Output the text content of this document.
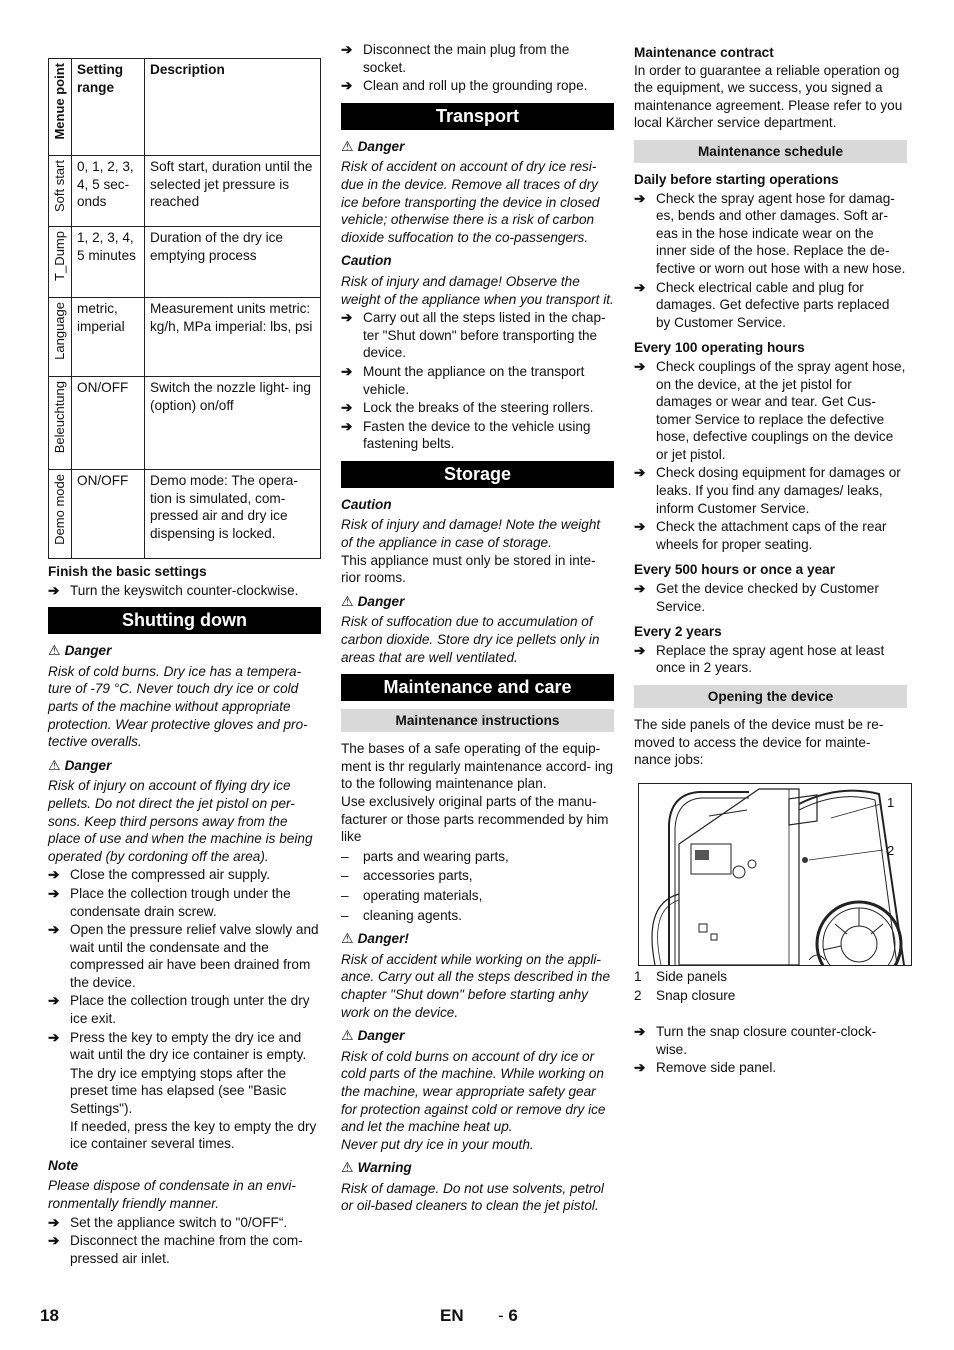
Menue point	Setting range	Description
Soft start	0, 1, 2, 3, 4, 5 sec- onds	Soft start, duration until the selected jet pressure is reached
T_Dump	1, 2, 3, 4, 5 minutes	Duration of the dry ice emptying process
Language	metric, imperial	Measurement units metric: kg/h, MPa imperial: lbs, psi
Beleuchtung	ON/OFF	Switch the nozzle light- ing (option) on/off
Demo mode	ON/OFF	Demo mode: The opera- tion is simulated, com- pressed air and dry ice dispensing is locked.

Finish the basic settings

➔ Turn the keyswitch counter-clockwise.
Shutting down

⚠ Danger

Risk of cold burns. Dry ice has a tempera- ture of -79 °C. Never touch dry ice or cold parts of the machine without appropriate protection. Wear protective gloves and pro- tective overalls.

⚠ Danger

Risk of injury on account of flying dry ice pellets. Do not direct the jet pistol on per- sons. Keep third persons away from the place of use and when the machine is being operated (by cordoning off the area).

➔ Close the compressed air supply.
➔ Place the collection trough under the condensate drain screw.
➔ Open the pressure relief valve slowly and wait until the condensate and the compressed air have been drained from the device.
➔ Place the collection trough unter the dry ice exit.
➔ Press the key to empty the dry ice and wait until the dry ice container is empty.

The dry ice emptying stops after the preset time has elapsed (see "Basic Settings").

If needed, press the key to empty the dry ice container several times.

Note

Please dispose of condensate in an envi- ronmentally friendly manner.

➔ Set the appliance switch to "0/OFF“.
➔ Disconnect the machine from the com- pressed air inlet.
➔ Disconnect the main plug from the socket.
➔ Clean and roll up the grounding rope.
Transport

⚠ Danger

Risk of accident on account of dry ice resi- due in the device. Remove all traces of dry ice before transporting the device in closed vehicle; otherwise there is a risk of carbon dioxide suffocation to the co-passengers.

Caution

Risk of injury and damage! Observe the weight of the appliance when you transport it.

➔ Carry out all the steps listed in the chap- ter "Shut down" before transporting the device.
➔ Mount the appliance on the transport vehicle.
➔ Lock the breaks of the steering rollers.
➔ Fasten the device to the vehicle using fastening belts.
Storage

Caution

Risk of injury and damage! Note the weight of the appliance in case of storage.

This appliance must only be stored in inte- rior rooms.

⚠ Danger

Risk of suffocation due to accumulation of carbon dioxide. Store dry ice pellets only in areas that are well ventilated.

Maintenance and care
Maintenance instructions

The bases of a safe operating of the equip- ment is thr regularly maintenance accord- ing to the following maintenance plan.

Use exclusively original parts of the manu- facturer or those parts recommended by him like

– parts and wearing parts,
– accessories parts,
– operating materials,
– cleaning agents.

⚠ Danger!

Risk of accident while working on the appli- ance. Carry out all the steps described in the chapter "Shut down" before starting anhy work on the device.

⚠ Danger

Risk of cold burns on account of dry ice or cold parts of the machine. While working on the machine, wear appropriate safety gear for protection against cold or remove dry ice and let the machine heat up.

Never put dry ice in your mouth.

⚠ Warning

Risk of damage. Do not use solvents, petrol or oil-based cleaners to clean the jet pistol.

Maintenance contract

In order to guarantee a reliable operation og the equipment, we success, you signed a maintenance agreement. Please refer to you local Kärcher service department.

Maintenance schedule

Daily before starting operations

➔ Check the spray agent hose for damag- es, bends and other damages. Soft ar- eas in the hose indicate wear on the inner side of the hose. Replace the de- fective or worn out hose with a new hose.
➔ Check electrical cable and plug for damages. Get defective parts replaced by Customer Service.

Every 100 operating hours

➔ Check couplings of the spray agent hose, on the device, at the jet pistol for damages or wear and tear. Get Cus- tomer Service to replace the defective hose, defective couplings on the device or jet pistol.
➔ Check dosing equipment for damages or leaks. If you find any damages/ leaks, inform Customer Service.
➔ Check the attachment caps of the rear wheels for proper seating.

Every 500 hours or once a year

➔ Get the device checked by Customer Service.

Every 2 years

➔ Replace the spray agent hose at least once in 2 years.
Opening the device

The side panels of the device must be re- moved to access the device for mainte- nance jobs:

1
2
1 Side panels
2 Snap closure
➔ Turn the snap closure counter-clock- wise.
➔ Remove side panel.
18	EN - 6
